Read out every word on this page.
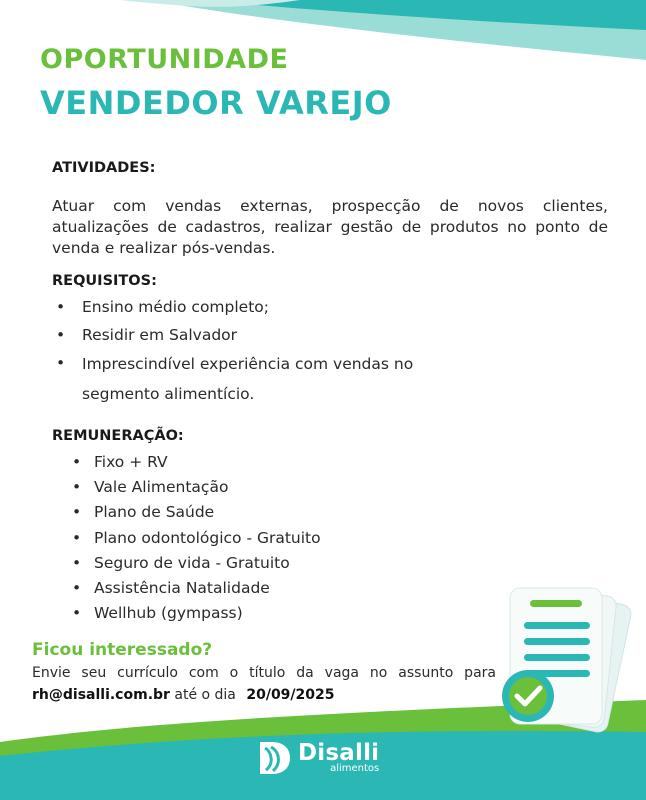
OPORTUNIDADE
VENDEDOR VAREJO
ATIVIDADES:

Atuar com vendas externas, prospecção de novos clientes, atualizações de cadastros, realizar gestão de produtos no ponto de venda e realizar pós-vendas.

REQUISITOS:
• Ensino médio completo;
• Residir em Salvador
• Imprescindível experiência com vendas no segmento alimentício.
REMUNERAÇÃO:
• Fixo + RV
• Vale Alimentação
• Plano de Saúde
• Plano odontológico - Gratuito
• Seguro de vida - Gratuito
• Assistência Natalidade
• Wellhub (gympass)
Ficou interessado?

Envie seu currículo com o título da vaga no assunto para

rh@disalli.com.br até o dia 20/09/2025

Disalli
alimentos
